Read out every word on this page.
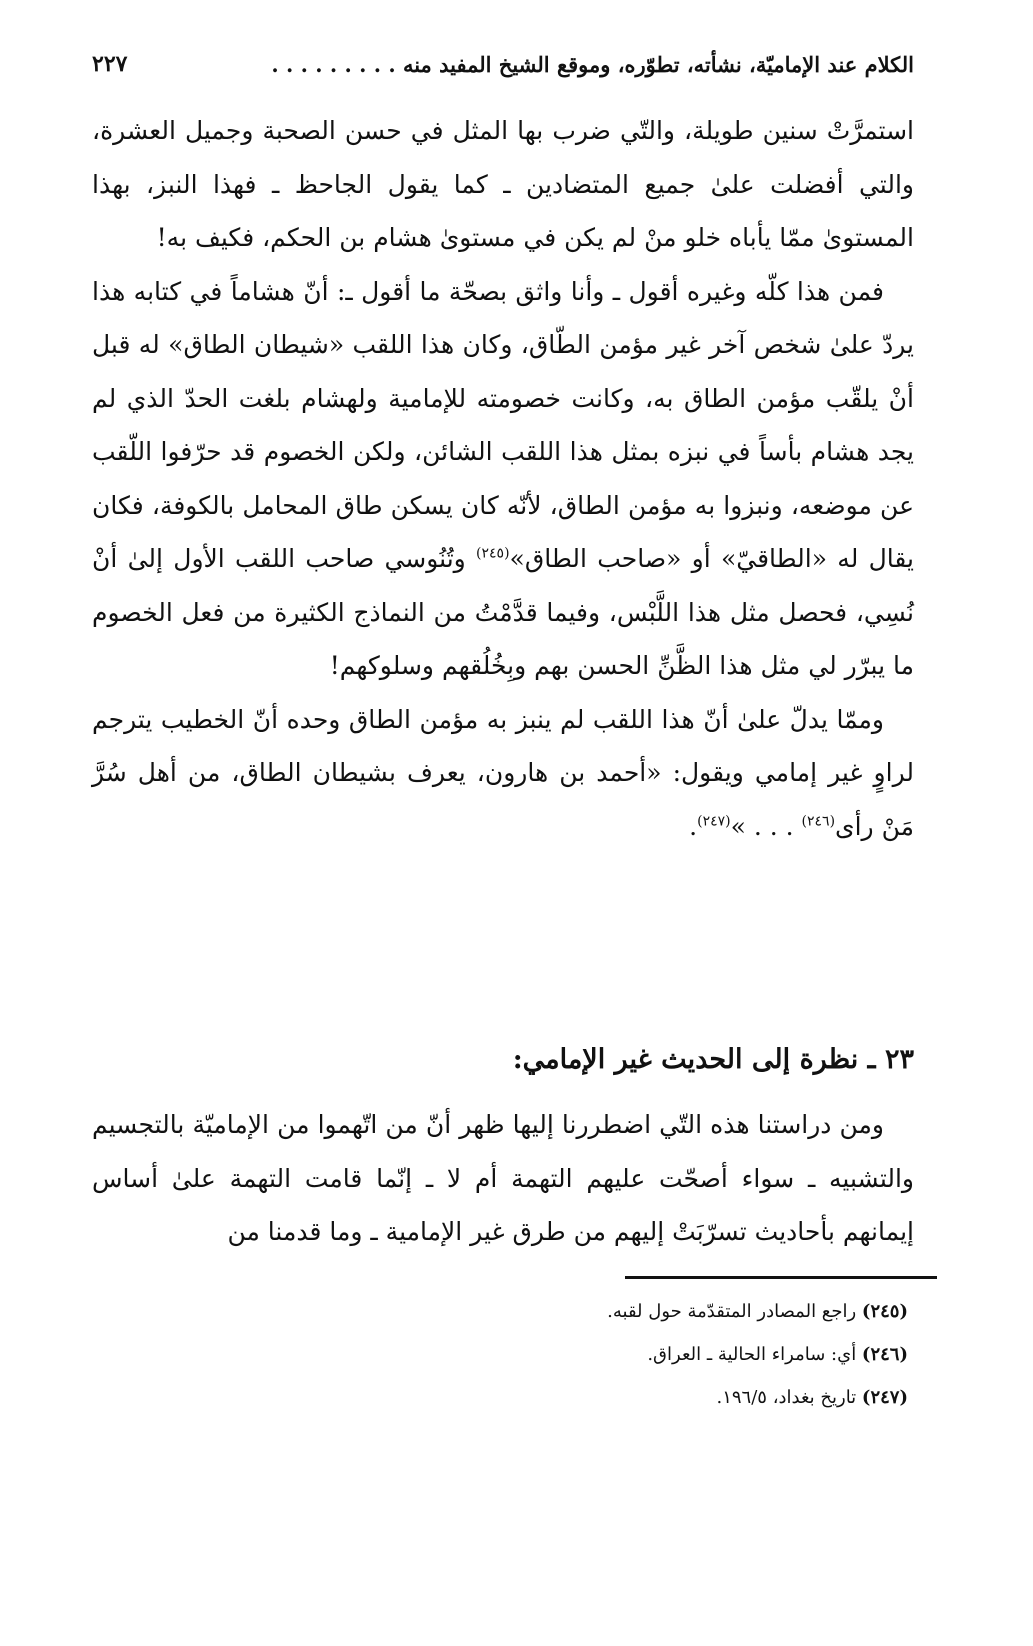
الكلام عند الإماميّة، نشأته، تطوّره، وموقع الشيخ المفيد منه . . . . . . . . .
٢٢٧

استمرَّتْ سنين طويلة، والتّي ضرب بها المثل في حسن الصحبة وجميل العشرة، والتي أفضلت علىٰ جميع المتضادين ـ كما يقول الجاحظ ـ فهذا النبز، بهذا المستوىٰ ممّا يأباه خلو منْ لم يكن في مستوىٰ هشام بن الحكم، فكيف به!

فمن هذا كلّه وغيره أقول ـ وأنا واثق بصحّة ما أقول ـ: أنّ هشاماً في كتابه هذا يردّ علىٰ شخص آخر غير مؤمن الطّاق، وكان هذا اللقب «شيطان الطاق» له قبل أنْ يلقّب مؤمن الطاق به، وكانت خصومته للإمامية ولهشام بلغت الحدّ الذي لم يجد هشام بأساً في نبزه بمثل هذا اللقب الشائن، ولكن الخصوم قد حرّفوا اللّقب عن موضعه، ونبزوا به مؤمن الطاق، لأنّه كان يسكن طاق المحامل بالكوفة، فكان يقال له «الطاقيّ» أو «صاحب الطاق»$^{(٢٤٥)}$ وتُنُوسي صاحب اللقب الأول إلىٰ أنْ نُسِي، فحصل مثل هذا اللَّبْس، وفيما قدَّمْتُ من النماذج الكثيرة من فعل الخصوم ما يبرّر لي مثل هذا الظَّنِّ الحسن بهم وبِخُلُقهم وسلوكهم!

وممّا يدلّ علىٰ أنّ هذا اللقب لم ينبز به مؤمن الطاق وحده أنّ الخطيب يترجم لراوٍ غير إمامي ويقول: «أحمد بن هارون، يعرف بشيطان الطاق، من أهل سُرَّ مَنْ رأى$^{(٢٤٦)}$ . . . »$^{(٢٤٧)}$.

٢٣ ـ نظرة إلى الحديث غير الإمامي:

ومن دراستنا هذه التّي اضطررنا إليها ظهر أنّ من اتّهموا من الإماميّة بالتجسيم والتشبيه ـ سواء أصحّت عليهم التهمة أم لا ـ إنّما قامت التهمة علىٰ أساس إيمانهم بأحاديث تسرّبَتْ إليهم من طرق غير الإمامية ـ وما قدمنا من

(٢٤٥) راجع المصادر المتقدّمة حول لقبه.

(٢٤٦) أي: سامراء الحالية ـ العراق.

(٢٤٧) تاريخ بغداد، ١٩٦/٥.
